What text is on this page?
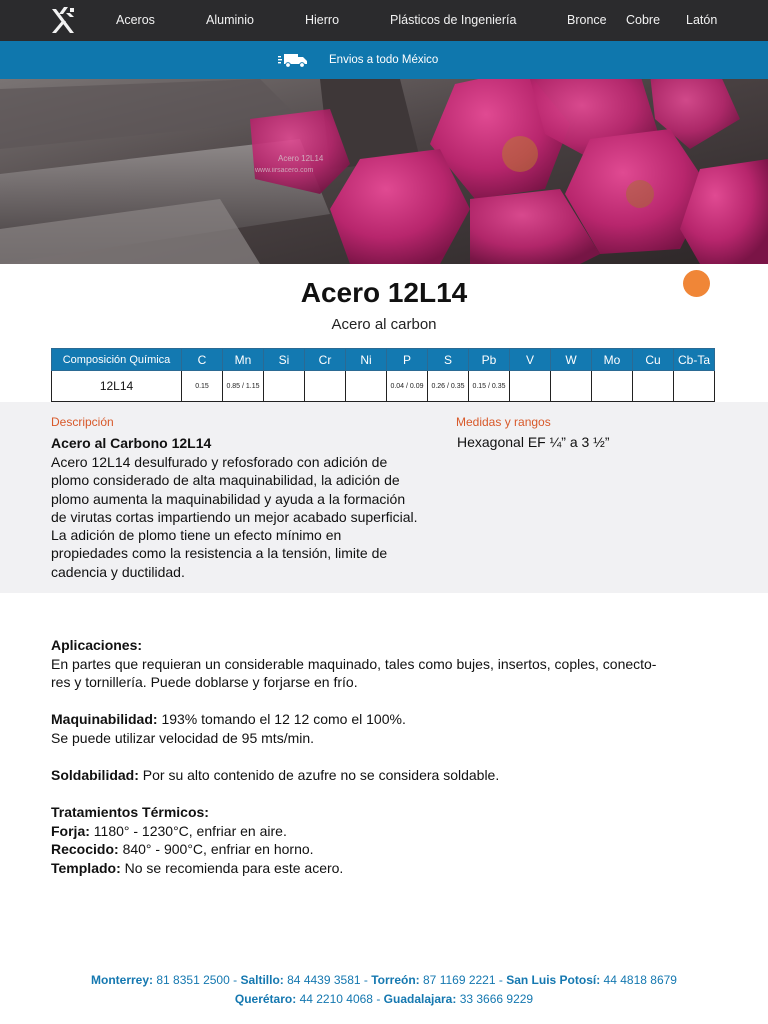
Aceros	Aluminio	Hierro	Plásticos de Ingeniería	Bronce Cobre Latón
Envios a todo México
Acero 12L14
www.iirsacero.com
Acero 12L14
Acero al carbon
Composición Química	C	Mn	Si	Cr	Ni	P	S	Pb	V	W	Mo	Cu	Cb-Ta
12L14	0.15	0.85 / 1.15				0.04 / 0.09	0.26 / 0.35	0.15 / 0.35					
Descripción
Acero al Carbono 12L14

Acero 12L14 desulfurado y refosforado con adición de plomo considerado de alta maquinabilidad, la adición de plomo aumenta la maquinabilidad y ayuda a la formación de virutas cortas impartiendo un mejor acabado superficial. La adición de plomo tiene un efecto mínimo en propiedades como la resistencia a la tensión, limite de cadencia y ductilidad.

Medidas y rangos
Hexagonal EF ¼” a 3 ½”
Aplicaciones:
En partes que requieran un considerable maquinado, tales como bujes, insertos, coples, conecto-
res y tornillería. Puede doblarse y forjarse en frío.
Maquinabilidad: 193% tomando el 12 12 como el 100%.
Se puede utilizar velocidad de 95 mts/min.
Soldabilidad: Por su alto contenido de azufre no se considera soldable.
Tratamientos Térmicos:
Forja: 1180° - 1230°C, enfriar en aire.
Recocido: 840° - 900°C, enfriar en horno.
Templado: No se recomienda para este acero.
Monterrey: 81 8351 2500 - Saltillo: 84 4439 3581 - Torreón: 87 1169 2221 - San Luis Potosí: 44 4818 8679
Querétaro: 44 2210 4068 - Guadalajara: 33 3666 9229
